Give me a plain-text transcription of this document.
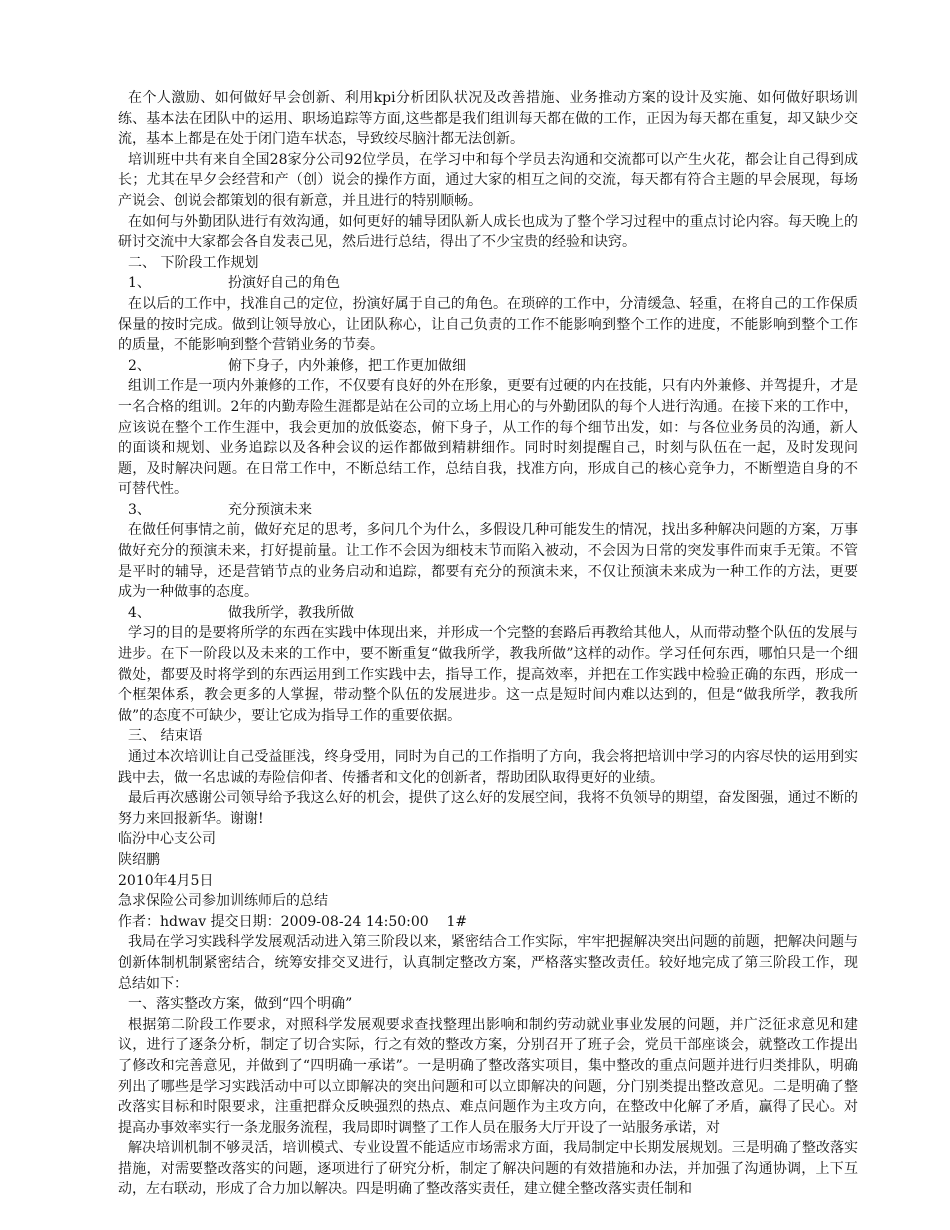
在个人激励、如何做好早会创新、利用kpi分析团队状况及改善措施、业务推动方案的设计及实施、如何做好职场训练、基本法在团队中的运用、职场追踪等方面,这些都是我们组训每天都在做的工作，正因为每天都在重复，却又缺少交流，基本上都是在处于闭门造车状态，导致绞尽脑汁都无法创新。

培训班中共有来自全国28家分公司92位学员，在学习中和每个学员去沟通和交流都可以产生火花，都会让自己得到成长；尤其在早夕会经营和产（创）说会的操作方面，通过大家的相互之间的交流，每天都有符合主题的早会展现，每场产说会、创说会都策划的很有新意，并且进行的特别顺畅。

在如何与外勤团队进行有效沟通，如何更好的辅导团队新人成长也成为了整个学习过程中的重点讨论内容。每天晚上的研讨交流中大家都会各自发表己见，然后进行总结，得出了不少宝贵的经验和诀窍。

二、 下阶段工作规划

1、	扮演好自己的角色

在以后的工作中，找准自己的定位，扮演好属于自己的角色。在琐碎的工作中，分清缓急、轻重，在将自己的工作保质保量的按时完成。做到让领导放心，让团队称心，让自己负责的工作不能影响到整个工作的进度，不能影响到整个工作的质量，不能影响到整个营销业务的节奏。

2、	俯下身子，内外兼修，把工作更加做细

组训工作是一项内外兼修的工作，不仅要有良好的外在形象，更要有过硬的内在技能，只有内外兼修、并驾提升，才是一名合格的组训。2年的内勤寿险生涯都是站在公司的立场上用心的与外勤团队的每个人进行沟通。在接下来的工作中，应该说在整个工作生涯中，我会更加的放低姿态，俯下身子，从工作的每个细节出发，如：与各位业务员的沟通，新人的面谈和规划、业务追踪以及各种会议的运作都做到精耕细作。同时时刻提醒自己，时刻与队伍在一起，及时发现问题，及时解决问题。在日常工作中，不断总结工作，总结自我，找准方向，形成自己的核心竞争力，不断塑造自身的不可替代性。

3、	充分预演未来

在做任何事情之前，做好充足的思考，多问几个为什么，多假设几种可能发生的情况，找出多种解决问题的方案，万事做好充分的预演未来，打好提前量。让工作不会因为细枝末节而陷入被动，不会因为日常的突发事件而束手无策。不管是平时的辅导，还是营销节点的业务启动和追踪，都要有充分的预演未来，不仅让预演未来成为一种工作的方法，更要成为一种做事的态度。

4、	做我所学，教我所做

学习的目的是要将所学的东西在实践中体现出来，并形成一个完整的套路后再教给其他人，从而带动整个队伍的发展与进步。在下一阶段以及未来的工作中，要不断重复“做我所学，教我所做”这样的动作。学习任何东西，哪怕只是一个细微处，都要及时将学到的东西运用到工作实践中去，指导工作，提高效率，并把在工作实践中检验正确的东西，形成一个框架体系，教会更多的人掌握，带动整个队伍的发展进步。这一点是短时间内难以达到的，但是“做我所学，教我所做”的态度不可缺少，要让它成为指导工作的重要依据。

三、 结束语

通过本次培训让自己受益匪浅，终身受用，同时为自己的工作指明了方向，我会将把培训中学习的内容尽快的运用到实践中去，做一名忠诚的寿险信仰者、传播者和文化的创新者，帮助团队取得更好的业绩。

最后再次感谢公司领导给予我这么好的机会，提供了这么好的发展空间，我将不负领导的期望，奋发图强，通过不断的努力来回报新华。谢谢!

临汾中心支公司

陕绍鹏

2010年4月5日

急求保险公司参加训练师后的总结

作者：hdwav 提交日期：2009-08-24 14:50:00    1#

我局在学习实践科学发展观活动进入第三阶段以来，紧密结合工作实际，牢牢把握解决突出问题的前题，把解决问题与创新体制机制紧密结合，统筹安排交叉进行，认真制定整改方案，严格落实整改责任。较好地完成了第三阶段工作，现总结如下：

一、落实整改方案，做到“四个明确”

根据第二阶段工作要求，对照科学发展观要求查找整理出影响和制约劳动就业事业发展的问题，并广泛征求意见和建议，进行了逐条分析，制定了切合实际，行之有效的整改方案，分别召开了班子会，党员干部座谈会，就整改工作提出了修改和完善意见，并做到了“四明确一承诺”。一是明确了整改落实项目，集中整改的重点问题并进行归类排队，明确列出了哪些是学习实践活动中可以立即解决的突出问题和可以立即解决的问题，分门别类提出整改意见。二是明确了整改落实目标和时限要求，注重把群众反映强烈的热点、难点问题作为主攻方向，在整改中化解了矛盾，赢得了民心。对提高办事效率实行一条龙服务流程，我局即时调整了工作人员在服务大厅开设了一站服务承诺，对

解决培训机制不够灵活，培训模式、专业设置不能适应市场需求方面，我局制定中长期发展规划。三是明确了整改落实措施，对需要整改落实的问题，逐项进行了研究分析，制定了解决问题的有效措施和办法，并加强了沟通协调，上下互动，左右联动，形成了合力加以解决。四是明确了整改落实责任，建立健全整改落实责任制和
